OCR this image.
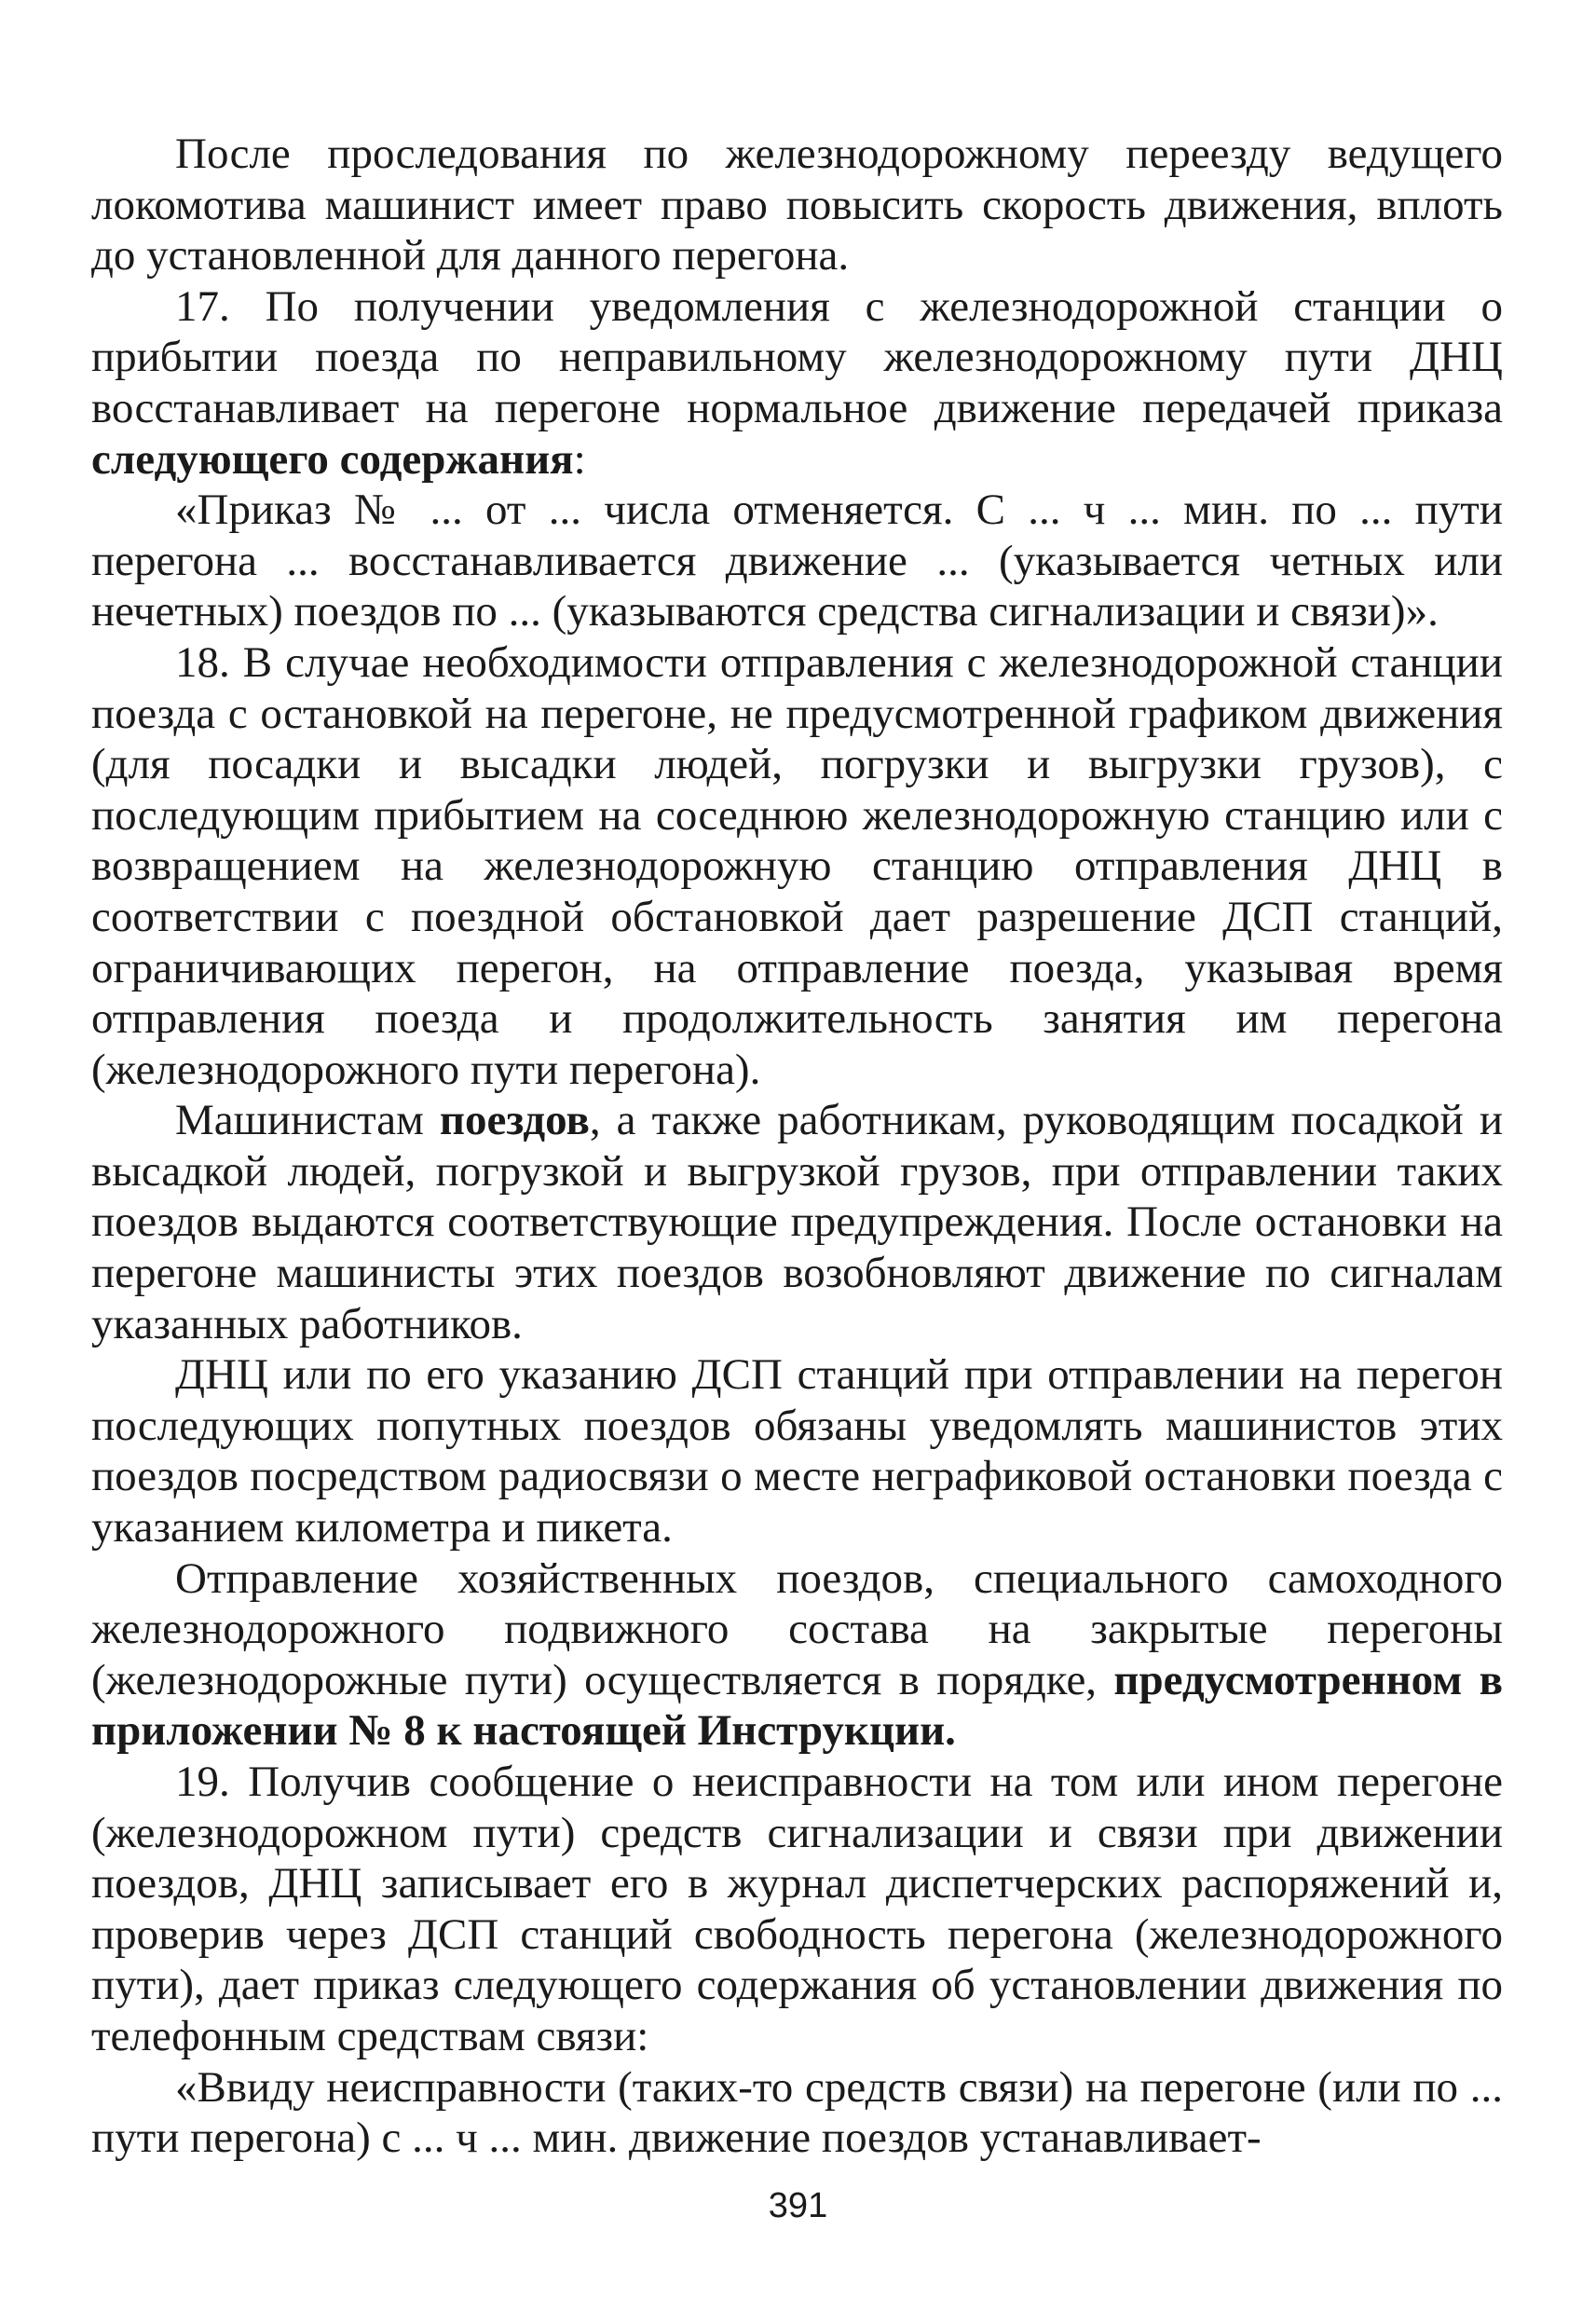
После проследования по железнодорожному переезду ведущего локомотива машинист имеет право повысить скорость движения, вплоть до установленной для данного перегона.

17. По получении уведомления с железнодорожной станции о прибытии поезда по неправильному железнодорожному пути ДНЦ восстанавливает на перегоне нормальное движение передачей приказа следующего содержания:

«Приказ № ... от ... числа отменяется. С ... ч ... мин. по ... пути перегона ... восстанавливается движение ... (указывается четных или нечетных) поездов по ... (указываются средства сигнализации и связи)».

18. В случае необходимости отправления с железнодорожной станции поезда с остановкой на перегоне, не предусмотренной графиком движения (для посадки и высадки людей, погрузки и выгрузки грузов), с последующим прибытием на соседнюю железнодорожную станцию или с возвращением на железнодорожную станцию отправления ДНЦ в соответствии с поездной обстановкой дает разрешение ДСП станций, ограничивающих перегон, на отправление поезда, указывая время отправления поезда и продолжительность занятия им перегона (железнодорожного пути перегона).

Машинистам поездов, а также работникам, руководящим посадкой и высадкой людей, погрузкой и выгрузкой грузов, при отправлении таких поездов выдаются соответствующие предупреждения. После остановки на перегоне машинисты этих поездов возобновляют движение по сигналам указанных работников.

ДНЦ или по его указанию ДСП станций при отправлении на перегон последующих попутных поездов обязаны уведомлять машинистов этих поездов посредством радиосвязи о месте неграфиковой остановки поезда с указанием километра и пикета.

Отправление хозяйственных поездов, специального самоходного железнодорожного подвижного состава на закрытые перегоны (железнодорожные пути) осуществляется в порядке, предусмотренном в приложении № 8 к настоящей Инструкции.

19. Получив сообщение о неисправности на том или ином перегоне (железнодорожном пути) средств сигнализации и связи при движении поездов, ДНЦ записывает его в журнал диспетчерских распоряжений и, проверив через ДСП станций свободность перегона (железнодорожного пути), дает приказ следующего содержания об установлении движения по телефонным средствам связи:

«Ввиду неисправности (таких-то средств связи) на перегоне (или по ... пути перегона) с ... ч ... мин. движение поездов устанавливает-

391
